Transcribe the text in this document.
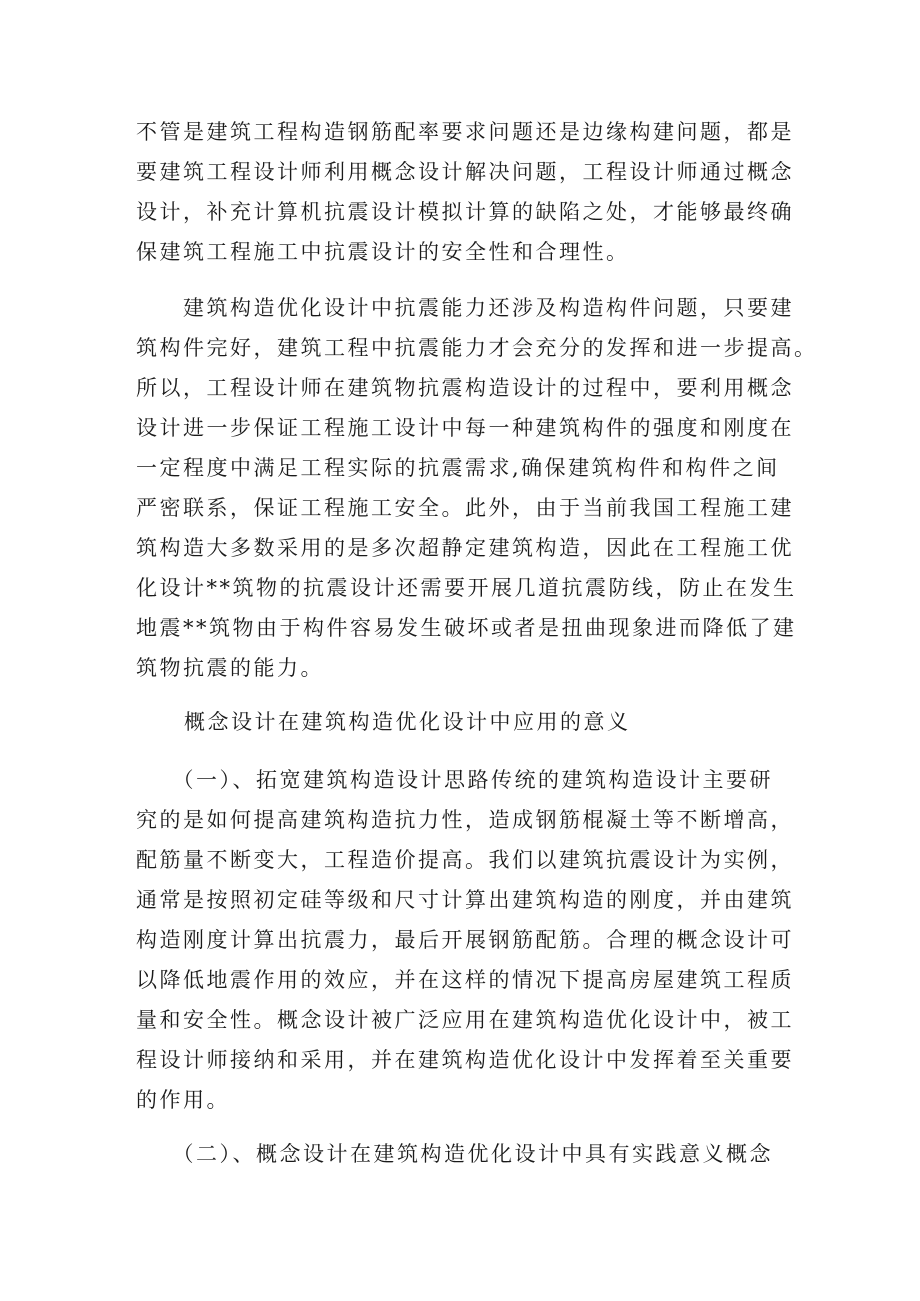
不管是建筑工程构造钢筋配率要求问题还是边缘构建问题，都是
要建筑工程设计师利用概念设计解决问题，工程设计师通过概念
设计，补充计算机抗震设计模拟计算的缺陷之处，才能够最终确
保建筑工程施工中抗震设计的安全性和合理性。

　　建筑构造优化设计中抗震能力还涉及构造构件问题，只要建
筑构件完好，建筑工程中抗震能力才会充分的发挥和进一步提高。
所以，工程设计师在建筑物抗震构造设计的过程中，要利用概念
设计进一步保证工程施工设计中每一种建筑构件的强度和刚度在
一定程度中满足工程实际的抗震需求,确保建筑构件和构件之间
严密联系，保证工程施工安全。此外，由于当前我国工程施工建
筑构造大多数采用的是多次超静定建筑构造，因此在工程施工优
化设计**筑物的抗震设计还需要开展几道抗震防线，防止在发生
地震**筑物由于构件容易发生破坏或者是扭曲现象进而降低了建
筑物抗震的能力。

概念设计在建筑构造优化设计中应用的意义

　　（一）、拓宽建筑构造设计思路传统的建筑构造设计主要研
究的是如何提高建筑构造抗力性，造成钢筋棍凝土等不断增高，
配筋量不断变大，工程造价提高。我们以建筑抗震设计为实例，
通常是按照初定硅等级和尺寸计算出建筑构造的刚度，并由建筑
构造刚度计算出抗震力，最后开展钢筋配筋。合理的概念设计可
以降低地震作用的效应，并在这样的情况下提高房屋建筑工程质
量和安全性。概念设计被广泛应用在建筑构造优化设计中，被工
程设计师接纳和采用，并在建筑构造优化设计中发挥着至关重要
的作用。

　　（二）、概念设计在建筑构造优化设计中具有实践意义概念
